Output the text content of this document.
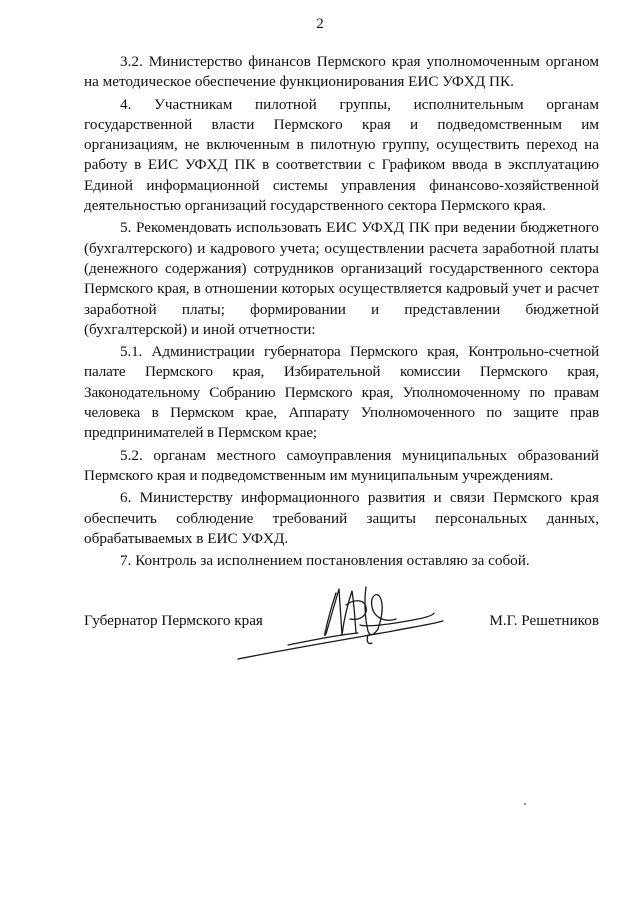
2

3.2. Министерство финансов Пермского края уполномоченным органом на методическое обеспечение функционирования ЕИС УФХД ПК.

4. Участникам пилотной группы, исполнительным органам государственной власти Пермского края и подведомственным им организациям, не включенным в пилотную группу, осуществить переход на работу в ЕИС УФХД ПК в соответствии с Графиком ввода в эксплуатацию Единой информационной системы управления финансово-хозяйственной деятельностью организаций государственного сектора Пермского края.

5. Рекомендовать использовать ЕИС УФХД ПК при ведении бюджетного (бухгалтерского) и кадрового учета; осуществлении расчета заработной платы (денежного содержания) сотрудников организаций государственного сектора Пермского края, в отношении которых осуществляется кадровый учет и расчет заработной платы; формировании и представлении бюджетной (бухгалтерской) и иной отчетности:

5.1. Администрации губернатора Пермского края, Контрольно-счетной палате Пермского края, Избирательной комиссии Пермского края, Законодательному Собранию Пермского края, Уполномоченному по правам человека в Пермском крае, Аппарату Уполномоченного по защите прав предпринимателей в Пермском крае;

5.2. органам местного самоуправления муниципальных образований Пермского края и подведомственным им муниципальным учреждениям.

6. Министерству информационного развития и связи Пермского края обеспечить соблюдение требований защиты персональных данных, обрабатываемых в ЕИС УФХД.

7. Контроль за исполнением постановления оставляю за собой.

Губернатор Пермского края	М.Г. Решетников
